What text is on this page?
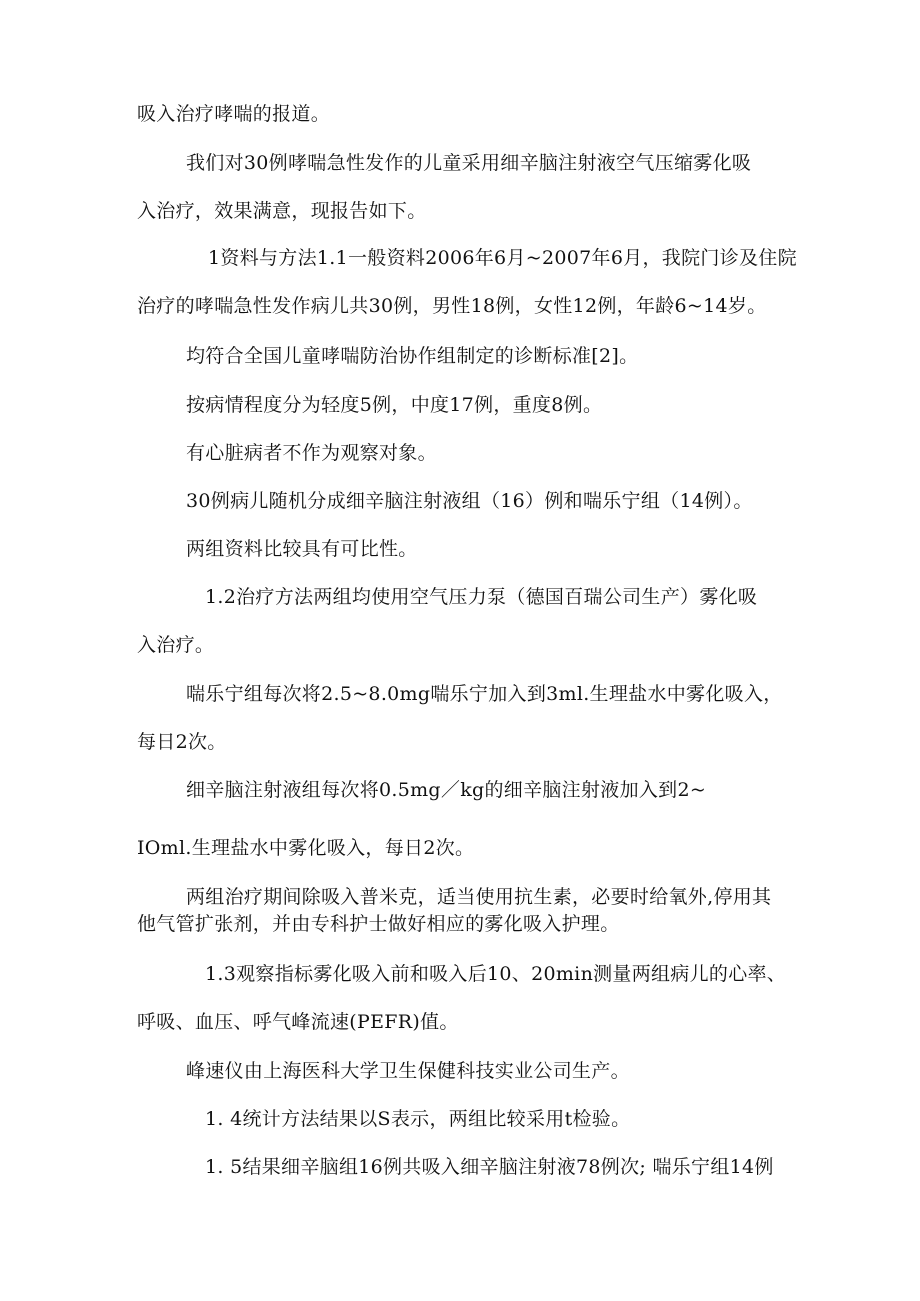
吸入治疗哮喘的报道。
我们对30例哮喘急性发作的儿童采用细辛脑注射液空气压缩雾化吸
入治疗，效果满意，现报告如下。
1资料与方法1.1一般资料2006年6月~2007年6月，我院门诊及住院
治疗的哮喘急性发作病儿共30例，男性18例，女性12例，年龄6~14岁。
均符合全国儿童哮喘防治协作组制定的诊断标准[2]。
按病情程度分为轻度5例，中度17例，重度8例。
有心脏病者不作为观察对象。
30例病儿随机分成细辛脑注射液组（16）例和喘乐宁组（14例）。
两组资料比较具有可比性。
1.2治疗方法两组均使用空气压力泵（德国百瑞公司生产）雾化吸
入治疗。
喘乐宁组每次将2.5~8.0mg喘乐宁加入到3ml.生理盐水中雾化吸入，
每日2次。
细辛脑注射液组每次将0.5mg／kg的细辛脑注射液加入到2~
IOml.生理盐水中雾化吸入，每日2次。
两组治疗期间除吸入普米克，适当使用抗生素，必要时给氧外,停用其
他气管扩张剂，并由专科护士做好相应的雾化吸入护理。
1.3观察指标雾化吸入前和吸入后10、20min测量两组病儿的心率、
呼吸、血压、呼气峰流速(PEFR)值。
峰速仪由上海医科大学卫生保健科技实业公司生产。
1. 4统计方法结果以S表示，两组比较采用t检验。
1. 5结果细辛脑组16例共吸入细辛脑注射液78例次; 喘乐宁组14例
